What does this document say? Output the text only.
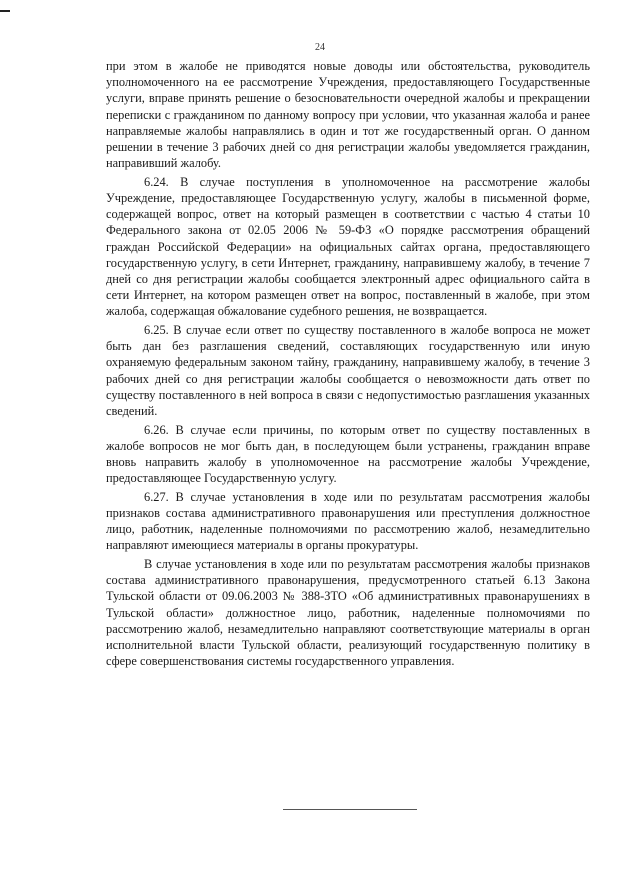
24

при этом в жалобе не приводятся новые доводы или обстоятельства, руководитель уполномоченного на ее рассмотрение Учреждения, предоставляющего Государственные услуги, вправе принять решение о безосновательности очередной жалобы и прекращении переписки с гражданином по данному вопросу при условии, что указанная жалоба и ранее направляемые жалобы направлялись в один и тот же государственный орган. О данном решении в течение 3 рабочих дней со дня регистрации жалобы уведомляется гражданин, направивший жалобу.

6.24. В случае поступления в уполномоченное на рассмотрение жалобы Учреждение, предоставляющее Государственную услугу, жалобы в письменной форме, содержащей вопрос, ответ на который размещен в соответствии с частью 4 статьи 10 Федерального закона от 02.05 2006 № 59-ФЗ «О порядке рассмотрения обращений граждан Российской Федерации» на официальных сайтах органа, предоставляющего государственную услугу, в сети Интернет, гражданину, направившему жалобу, в течение 7 дней со дня регистрации жалобы сообщается электронный адрес официального сайта в сети Интернет, на котором размещен ответ на вопрос, поставленный в жалобе, при этом жалоба, содержащая обжалование судебного решения, не возвращается.

6.25. В случае если ответ по существу поставленного в жалобе вопроса не может быть дан без разглашения сведений, составляющих государственную или иную охраняемую федеральным законом тайну, гражданину, направившему жалобу, в течение 3 рабочих дней со дня регистрации жалобы сообщается о невозможности дать ответ по существу поставленного в ней вопроса в связи с недопустимостью разглашения указанных сведений.

6.26. В случае если причины, по которым ответ по существу поставленных в жалобе вопросов не мог быть дан, в последующем были устранены, гражданин вправе вновь направить жалобу в уполномоченное на рассмотрение жалобы Учреждение, предоставляющее Государственную услугу.

6.27. В случае установления в ходе или по результатам рассмотрения жалобы признаков состава административного правонарушения или преступления должностное лицо, работник, наделенные полномочиями по рассмотрению жалоб, незамедлительно направляют имеющиеся материалы в органы прокуратуры.

В случае установления в ходе или по результатам рассмотрения жалобы признаков состава административного правонарушения, предусмотренного статьей 6.13 Закона Тульской области от 09.06.2003 № 388-ЗТО «Об административных правонарушениях в Тульской области» должностное лицо, работник, наделенные полномочиями по рассмотрению жалоб, незамедлительно направляют соответствующие материалы в орган исполнительной власти Тульской области, реализующий государственную политику в сфере совершенствования системы государственного управления.
